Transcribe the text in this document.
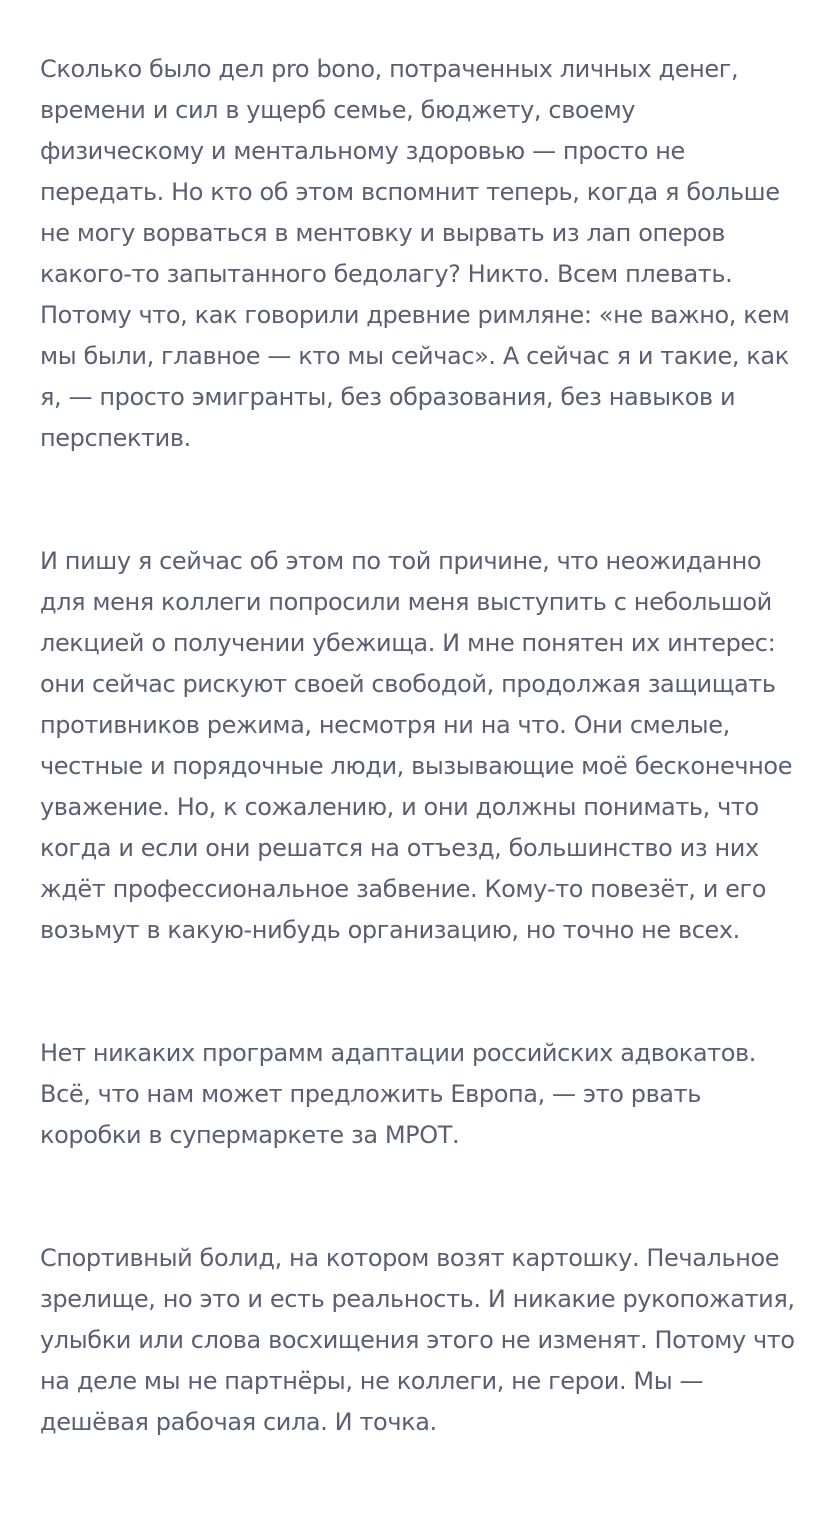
Сколько было дел pro bono, потраченных личных денег,
времени и сил в ущерб семье, бюджету, своему
физическому и ментальному здоровью — просто не
передать. Но кто об этом вспомнит теперь, когда я больше
не могу ворваться в ментовку и вырвать из лап оперов
какого-то запытанного бедолагу? Никто. Всем плевать.
Потому что, как говорили древние римляне: «не важно, кем
мы были, главное — кто мы сейчас». А сейчас я и такие, как
я, — просто эмигранты, без образования, без навыков и
перспектив.

И пишу я сейчас об этом по той причине, что неожиданно
для меня коллеги попросили меня выступить с небольшой
лекцией о получении убежища. И мне понятен их интерес:
они сейчас рискуют своей свободой, продолжая защищать
противников режима, несмотря ни на что. Они смелые,
честные и порядочные люди, вызывающие моё бесконечное
уважение. Но, к сожалению, и они должны понимать, что
когда и если они решатся на отъезд, большинство из них
ждёт профессиональное забвение. Кому-то повезёт, и его
возьмут в какую-нибудь организацию, но точно не всех.

Нет никаких программ адаптации российских адвокатов.
Всё, что нам может предложить Европа, — это рвать
коробки в супермаркете за МРОТ.

Спортивный болид, на котором возят картошку. Печальное
зрелище, но это и есть реальность. И никакие рукопожатия,
улыбки или слова восхищения этого не изменят. Потому что
на деле мы не партнёры, не коллеги, не герои. Мы —
дешёвая рабочая сила. И точка.
